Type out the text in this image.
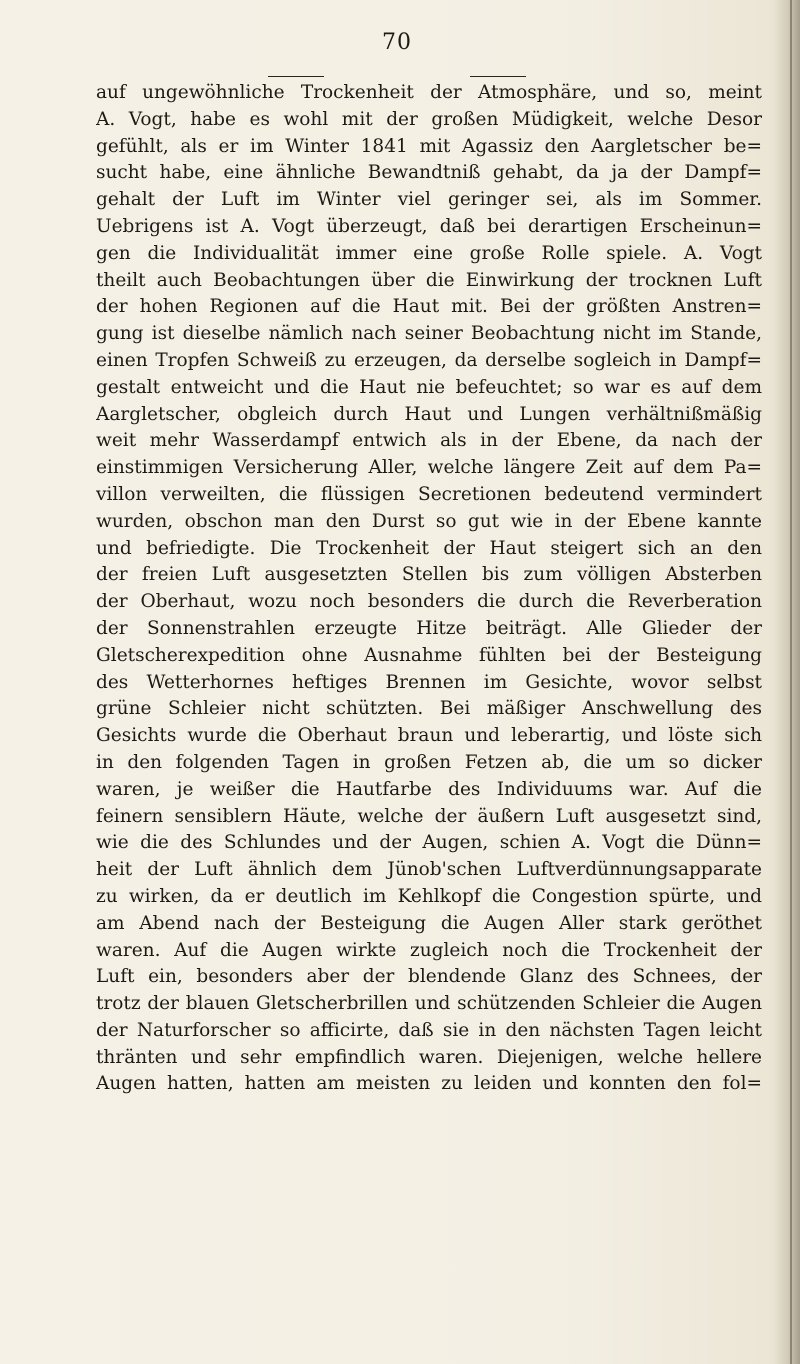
70
auf ungewöhnliche Trockenheit der Atmosphäre, und so, meint
A. Vogt, habe es wohl mit der großen Müdigkeit, welche Desor
gefühlt, als er im Winter 1841 mit Agassiz den Aargletscher be=
sucht habe, eine ähnliche Bewandtniß gehabt, da ja der Dampf=
gehalt der Luft im Winter viel geringer sei, als im Sommer.
Uebrigens ist A. Vogt überzeugt, daß bei derartigen Erscheinun=
gen die Individualität immer eine große Rolle spiele. A. Vogt
theilt auch Beobachtungen über die Einwirkung der trocknen Luft
der hohen Regionen auf die Haut mit. Bei der größten Anstren=
gung ist dieselbe nämlich nach seiner Beobachtung nicht im Stande,
einen Tropfen Schweiß zu erzeugen, da derselbe sogleich in Dampf=
gestalt entweicht und die Haut nie befeuchtet; so war es auf dem
Aargletscher, obgleich durch Haut und Lungen verhältnißmäßig
weit mehr Wasserdampf entwich als in der Ebene, da nach der
einstimmigen Versicherung Aller, welche längere Zeit auf dem Pa=
villon verweilten, die flüssigen Secretionen bedeutend vermindert
wurden, obschon man den Durst so gut wie in der Ebene kannte
und befriedigte. Die Trockenheit der Haut steigert sich an den
der freien Luft ausgesetzten Stellen bis zum völligen Absterben
der Oberhaut, wozu noch besonders die durch die Reverberation
der Sonnenstrahlen erzeugte Hitze beiträgt. Alle Glieder der
Gletscherexpedition ohne Ausnahme fühlten bei der Besteigung
des Wetterhornes heftiges Brennen im Gesichte, wovor selbst
grüne Schleier nicht schützten. Bei mäßiger Anschwellung des
Gesichts wurde die Oberhaut braun und leberartig, und löste sich
in den folgenden Tagen in großen Fetzen ab, die um so dicker
waren, je weißer die Hautfarbe des Individuums war. Auf die
feinern sensiblern Häute, welche der äußern Luft ausgesetzt sind,
wie die des Schlundes und der Augen, schien A. Vogt die Dünn=
heit der Luft ähnlich dem Jünob'schen Luftverdünnungsapparate
zu wirken, da er deutlich im Kehlkopf die Congestion spürte, und
am Abend nach der Besteigung die Augen Aller stark geröthet
waren. Auf die Augen wirkte zugleich noch die Trockenheit der
Luft ein, besonders aber der blendende Glanz des Schnees, der
trotz der blauen Gletscherbrillen und schützenden Schleier die Augen
der Naturforscher so afficirte, daß sie in den nächsten Tagen leicht
thränten und sehr empfindlich waren. Diejenigen, welche hellere
Augen hatten, hatten am meisten zu leiden und konnten den fol=
